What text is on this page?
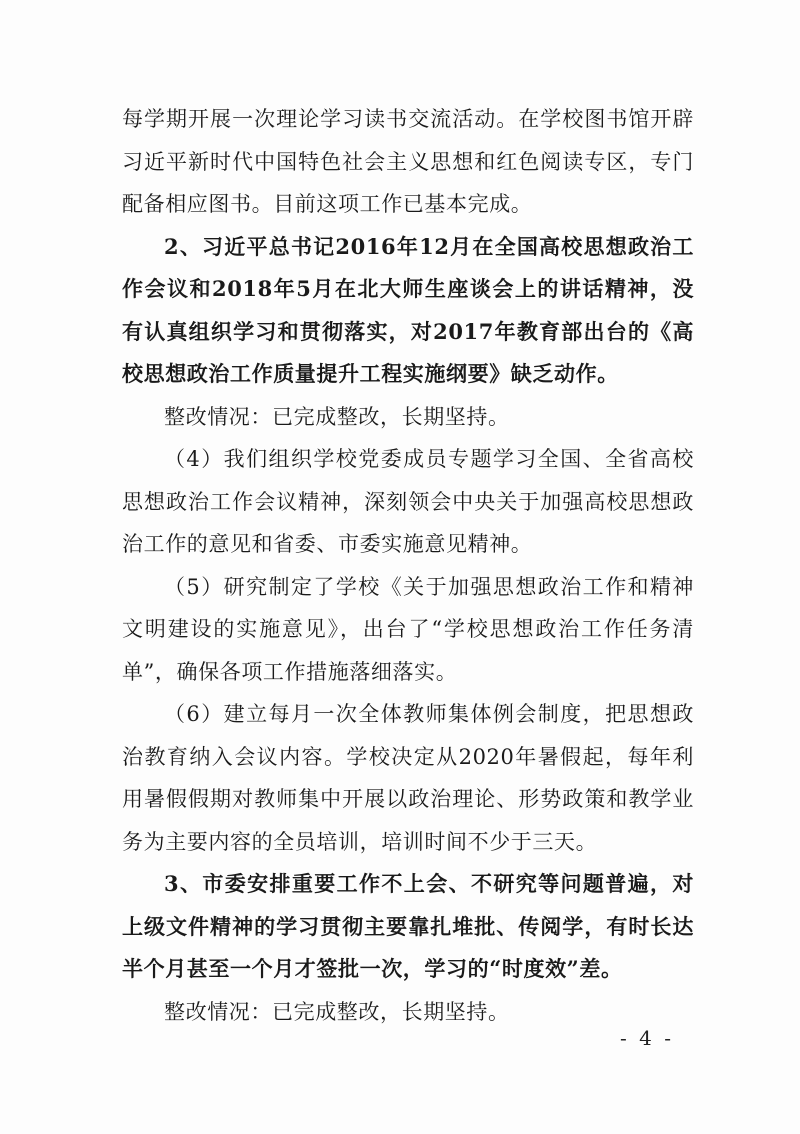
每学期开展一次理论学习读书交流活动。在学校图书馆开辟习近平新时代中国特色社会主义思想和红色阅读专区，专门配备相应图书。目前这项工作已基本完成。

2、习近平总书记2016年12月在全国高校思想政治工作会议和2018年5月在北大师生座谈会上的讲话精神，没有认真组织学习和贯彻落实，对2017年教育部出台的《高校思想政治工作质量提升工程实施纲要》缺乏动作。

整改情况：已完成整改，长期坚持。

（4）我们组织学校党委成员专题学习全国、全省高校思想政治工作会议精神，深刻领会中央关于加强高校思想政治工作的意见和省委、市委实施意见精神。

（5）研究制定了学校《关于加强思想政治工作和精神文明建设的实施意见》，出台了“学校思想政治工作任务清单”，确保各项工作措施落细落实。

（6）建立每月一次全体教师集体例会制度，把思想政治教育纳入会议内容。学校决定从2020年暑假起，每年利用暑假假期对教师集中开展以政治理论、形势政策和教学业务为主要内容的全员培训，培训时间不少于三天。

3、市委安排重要工作不上会、不研究等问题普遍，对上级文件精神的学习贯彻主要靠扎堆批、传阅学，有时长达半个月甚至一个月才签批一次，学习的“时度效”差。

整改情况：已完成整改，长期坚持。

- 4 -
